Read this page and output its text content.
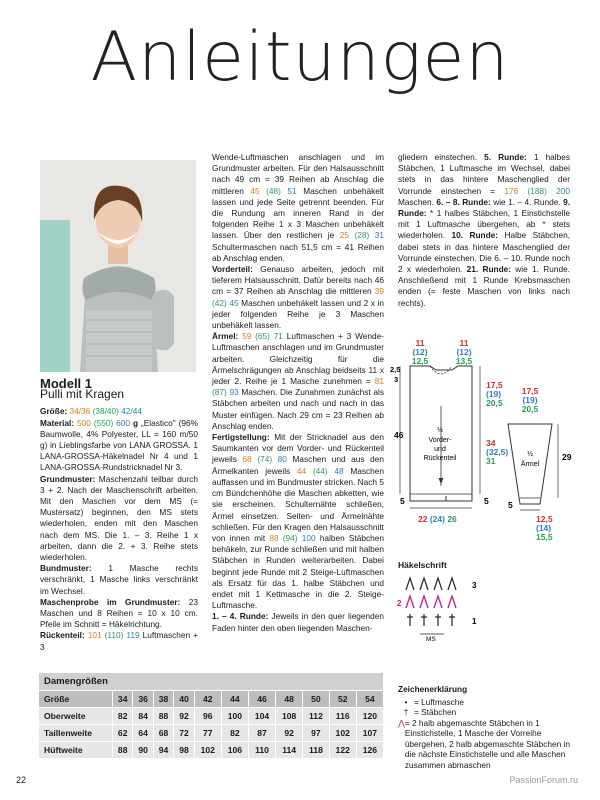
Anleitungen

Modell 1

Pulli mit Kragen

Größe: 34/36 (38/40) 42/44

Material: 500 (550) 600 g „Elastico" (96% Baumwolle, 4% Polyester, LL = 160 m/50 g) in Lieblingsfarbe von LANA GROSSA. 1 LANA-GROSSA-Häkelnadel Nr 4 und 1 LANA-GROSSA-Rundstricknadel Nr 3.

Grundmuster: Maschenzahl teilbar durch 3 + 2. Nach der Maschenschrift arbeiten. Mit den Maschen vor dem MS (= Mustersatz) beginnen, den MS stets wiederholen, enden mit den Maschen nach dem MS. Die 1. – 3. Reihe 1 x arbeiten, dann die 2. + 3. Reihe stets wiederholen.

Bundmuster: 1 Masche rechts verschränkt, 1 Masche links verschränkt im Wechsel.

Maschenprobe im Grundmuster: 23 Maschen und 8 Reihen = 10 x 10 cm. Pfeile im Schnitt = Häkelrichtung.

Rückenteil: 101 (110) 119 Luftmaschen + 3

Wende-Luftmaschen anschlagen und im Grundmuster arbeiten. Für den Halsausschnitt nach 49 cm = 39 Reihen ab Anschlag die mittleren 45 (48) 51 Maschen unbehäkelt lassen und jede Seite getrennt beenden. Für die Rundung am inneren Rand in der folgenden Reihe 1 x 3 Maschen unbehäkelt lassen. Über den restlichen je 25 (28) 31 Schultermaschen nach 51,5 cm = 41 Reihen ab Anschlag enden.

Vorderteil: Genauso arbeiten, jedoch mit tieferem Halsausschnitt. Dafür bereits nach 46 cm = 37 Reihen ab Anschlag die mittleren 39 (42) 45 Maschen unbehäkelt lassen und 2 x in jeder folgenden Reihe je 3 Maschen unbehäkelt lassen.

Ärmel: 59 (65) 71 Luftmaschen + 3 Wende-Luftmaschen anschlagen und im Grundmuster arbeiten. Gleichzeitig für die Ärmelschrägungen ab Anschlag beidseits 11 x jeder 2. Reihe je 1 Masche zunehmen = 81 (87) 93 Maschen. Die Zunahmen zunächst als Stäbchen arbeiten und nach und nach in das Muster einfügen. Nach 29 cm = 23 Reihen ab Anschlag enden.

Fertigstellung: Mit der Stricknadel aus den Saumkanten vor dem Vorder- und Rückenteil jeweils 68 (74) 80 Maschen und aus den Ärmelkanten jeweils 44 (44) 48 Maschen auffassen und im Bundmuster stricken. Nach 5 cm Bündchenhöhe die Maschen abketten, wie sie erscheinen. Schulternähte schließen, Ärmel einsetzen. Seiten- und Ärmelnähte schließen. Für den Kragen den Halsausschnitt von innen mit 88 (94) 100 halben Stäbchen behäkeln, zur Runde schließen und mit halben Stäbchen in Runden weiterarbeiten. Dabei beginnt jede Runde mit 2 Steige-Luftmaschen als Ersatz für das 1. halbe Stäbchen und endet mit 1 Kettmasche in die 2. Steige-Luftmasche.

1. – 4. Runde: Jeweils in den quer liegenden Faden hinter den oben liegenden Maschen-

gliedern einstechen. 5. Runde: 1 halbes Stäbchen, 1 Luftmasche im Wechsel, dabei stets in das hintere Maschenglied der Vorrunde einstechen = 176 (188) 200 Maschen. 6. – 8. Runde: wie 1. – 4. Runde. 9. Runde: * 1 halbes Stäbchen, 1 Einstichstelle mit 1 Luftmasche übergehen, ab * stets wiederholen. 10. Runde: Halbe Stäbchen, dabei stets in das hintere Maschenglied der Vorrunde einstechen. Die 6. – 10. Runde noch 2 x wiederholen. 21. Runde: wie 1. Runde. Anschließend mit 1 Runde Krebsmaschen enden (= feste Maschen von links nach rechts).

46
2,5
3
5
½
Vorder-
und
Rückenteil
11
(12)
12,5
11
(12)
13,5
17,5
(19)
20,5
34
(32,5)
31
5
22 (24) 26
17,5
(19)
20,5
29
½
Ärmel
5
12,5
(14)
15,5
Häkelschrift
3
2
1
MS
Zeichenerklärung
• = Luftmasche
† = Stäbchen
⋀ = 2 halb abgemaschte Stäbchen in 1 Einstichstelle, 1 Masche der Vorreihe übergehen, 2 halb abgemaschte Stäbchen in die nächste Einstichstelle und alle Maschen zusammen abmaschen
Damengrößen											
Größe	34	36	38	40	42	44	46	48	50	52	54
Oberweite	82	84	88	92	96	100	104	108	112	116	120
Taillenweite	62	64	68	72	77	82	87	92	97	102	107
Hüftweite	88	90	94	98	102	106	110	114	118	122	126
22	PassionForum.ru
